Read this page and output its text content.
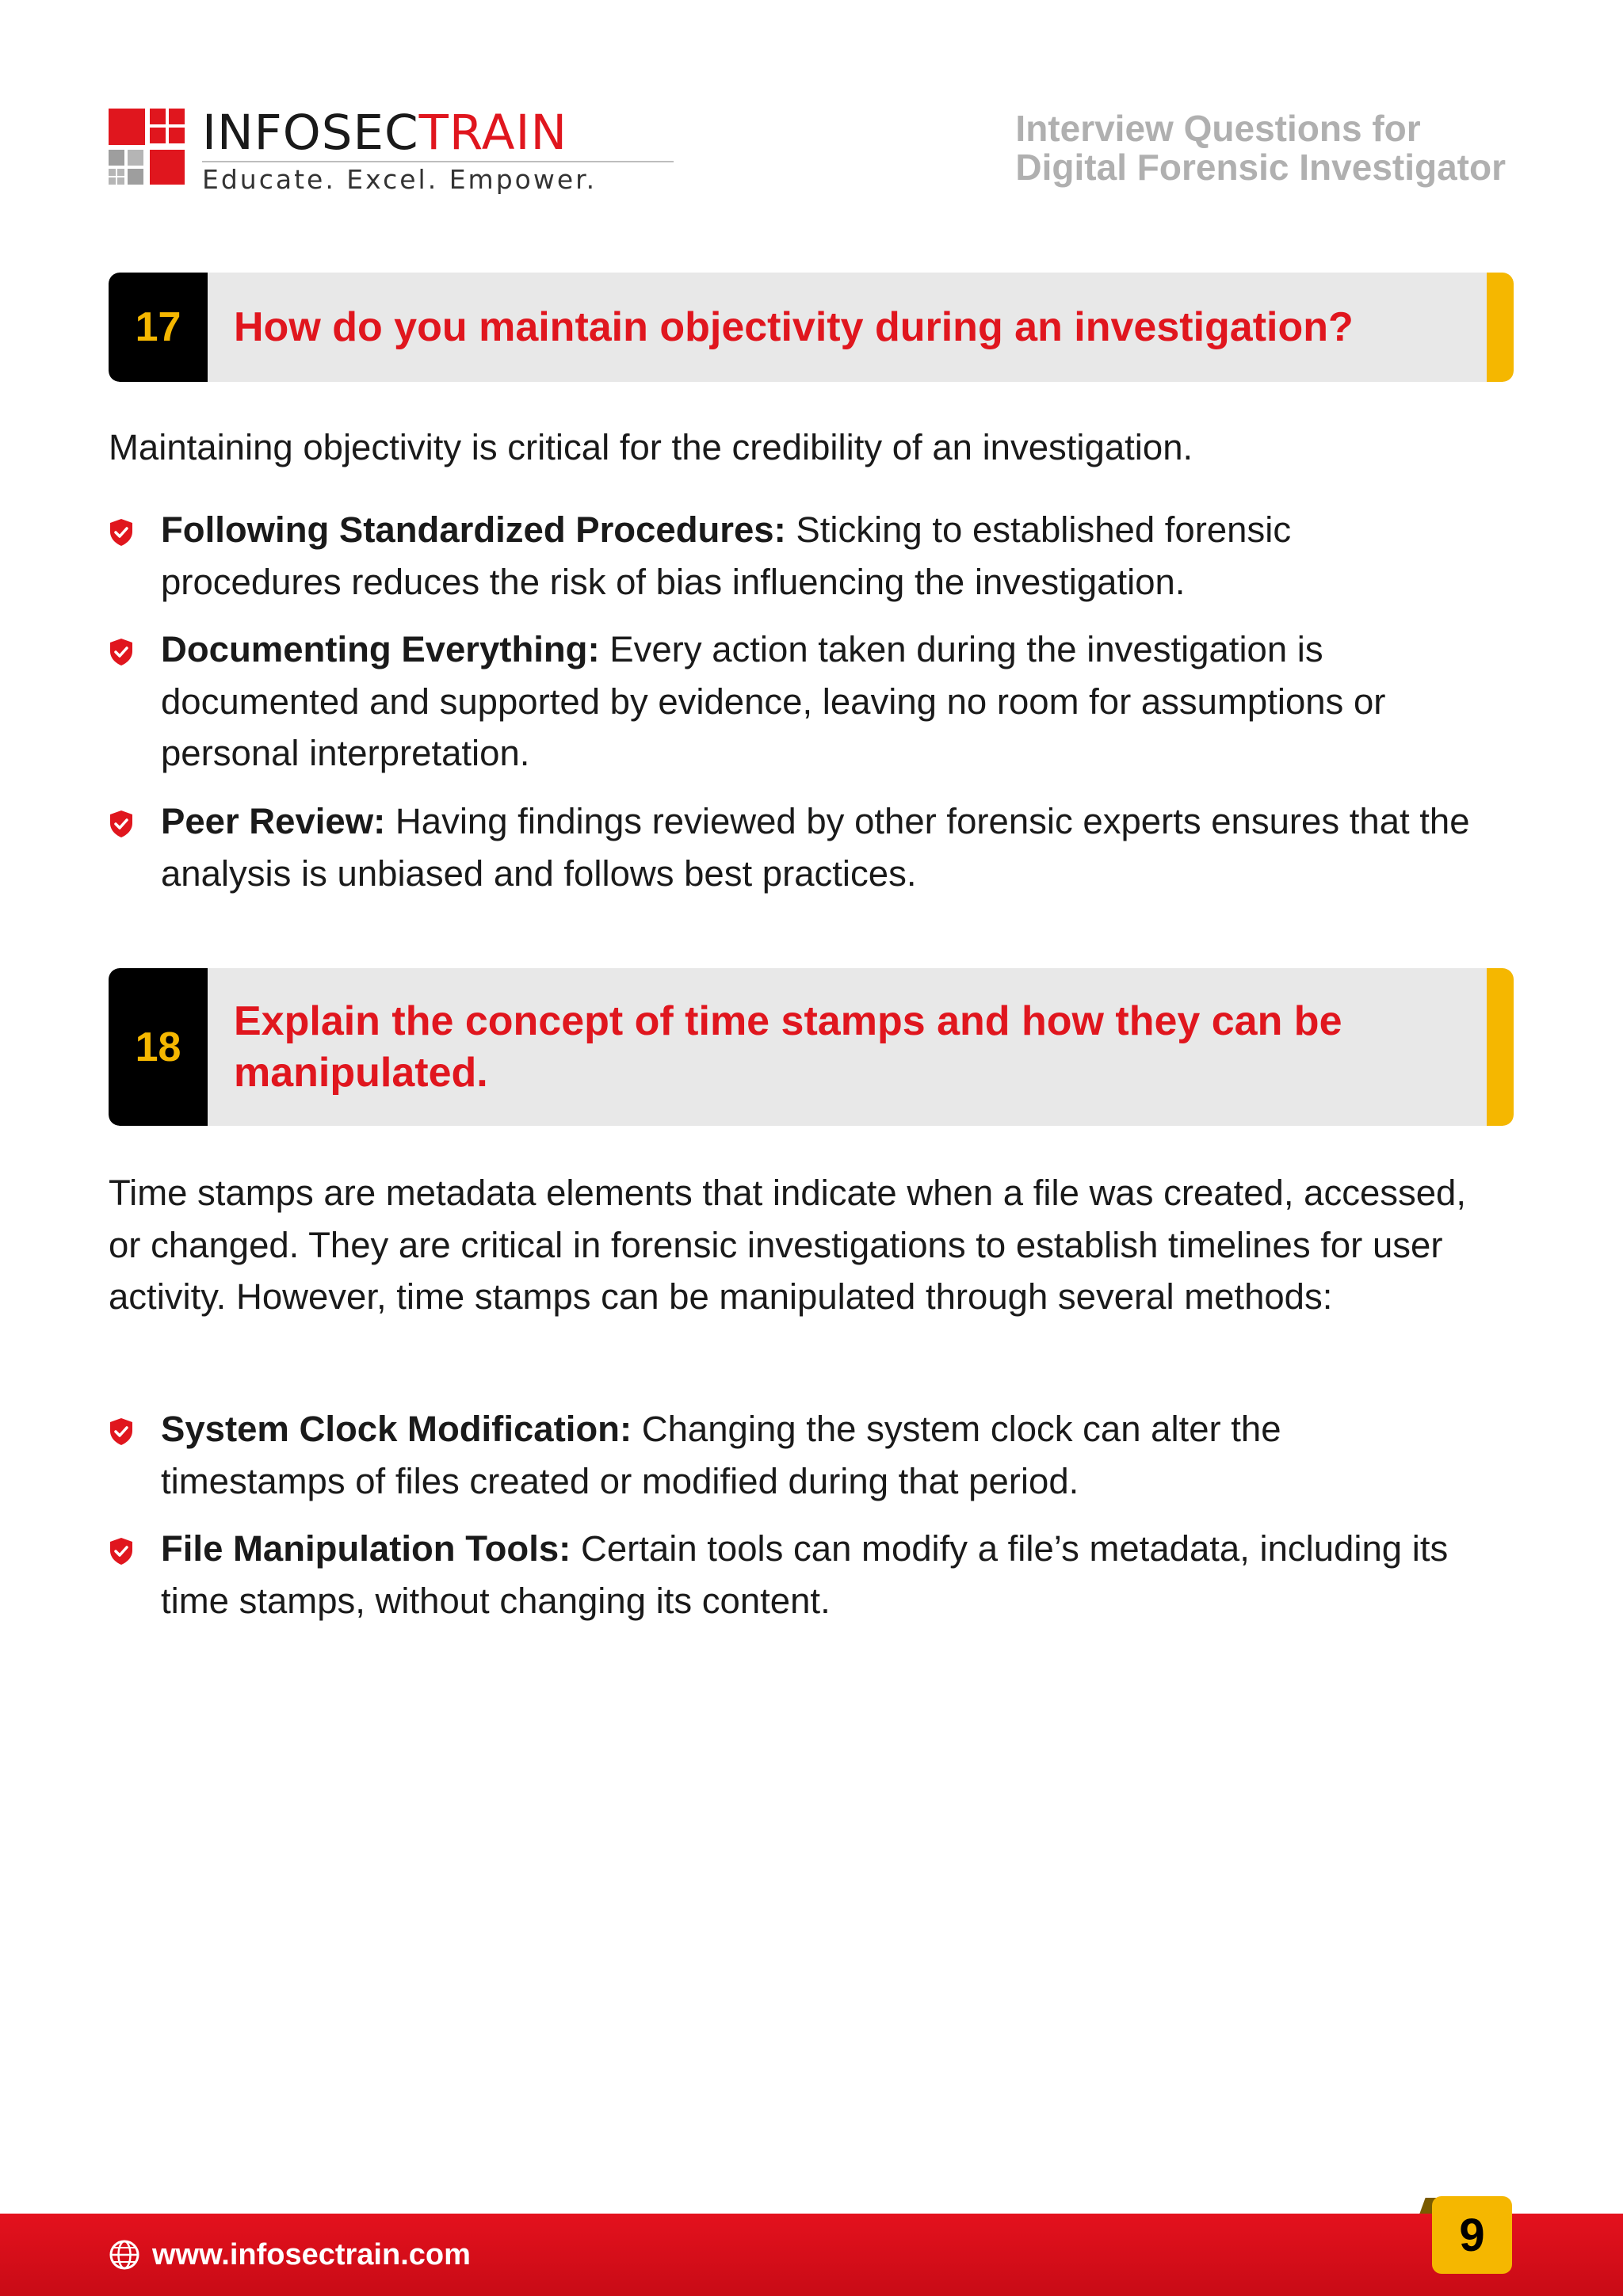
INFOSECTRAIN
Educate. Excel. Empower.
Interview Questions for
Digital Forensic Investigator
17	How do you maintain objectivity during an investigation?
Maintaining objectivity is critical for the credibility of an investigation.
Following Standardized Procedures: Sticking to established forensic procedures reduces the risk of bias influencing the investigation.
Documenting Everything: Every action taken during the investigation is documented and supported by evidence, leaving no room for assumptions or personal interpretation.
Peer Review: Having findings reviewed by other forensic experts ensures that the analysis is unbiased and follows best practices.
18
Explain the concept of time stamps and how they can be manipulated.
Time stamps are metadata elements that indicate when a file was created, accessed, or changed. They are critical in forensic investigations to establish timelines for user activity. However, time stamps can be manipulated through several methods:
System Clock Modification: Changing the system clock can alter the timestamps of files created or modified during that period.
File Manipulation Tools: Certain tools can modify a file’s metadata, including its time stamps, without changing its content.
www.infosectrain.com	9
